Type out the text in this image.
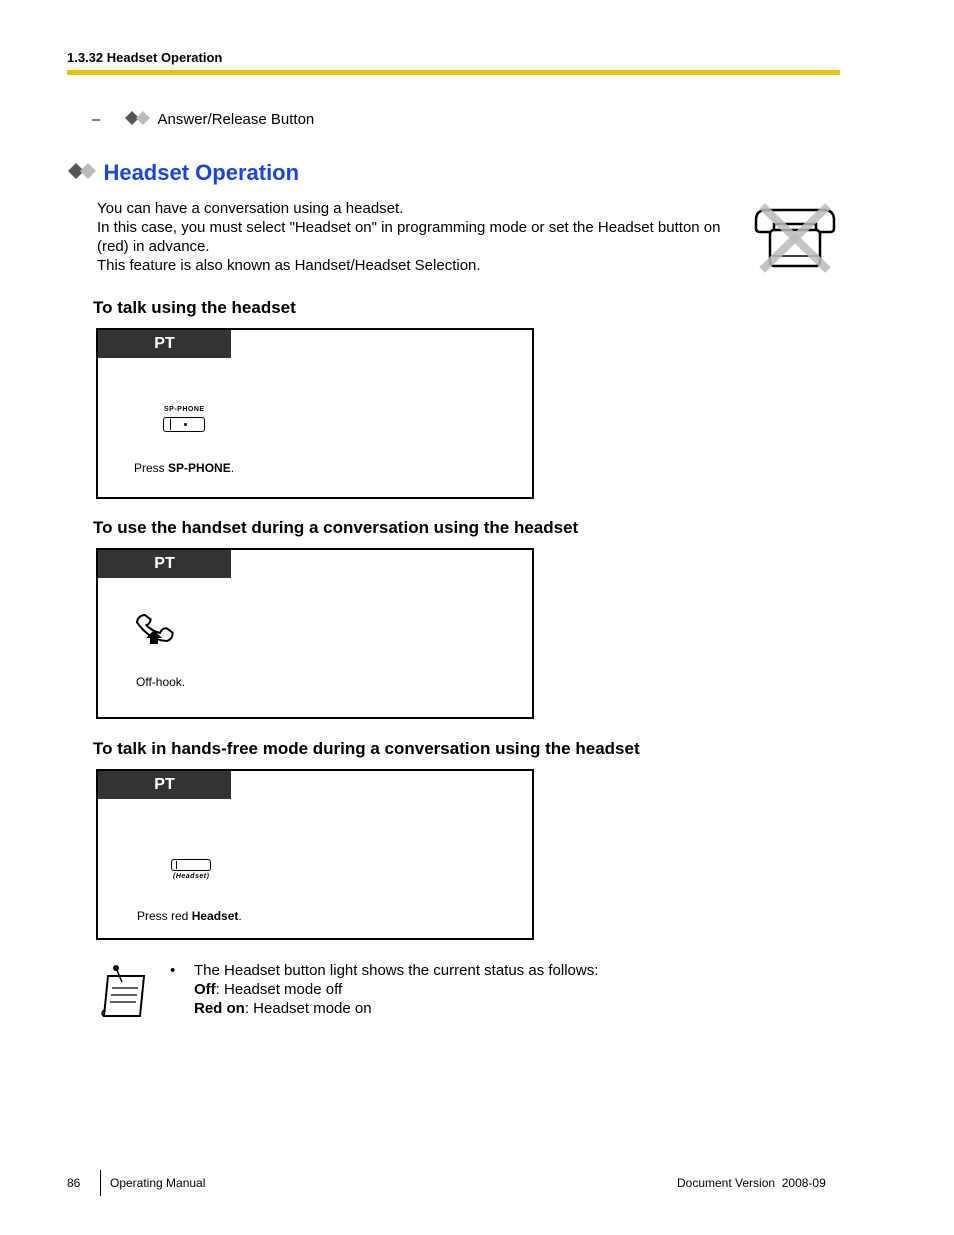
1.3.32 Headset Operation
–	Answer/Release Button
Headset Operation

You can have a conversation using a headset.

In this case, you must select "Headset on" in programming mode or set the Headset button on (red) in advance.

This feature is also known as Handset/Headset Selection.

To talk using the headset
PT
SP-PHONE
Press SP-PHONE.
To use the handset during a conversation using the headset
PT
Off-hook.
To talk in hands-free mode during a conversation using the headset
PT
(Headset)
Press red Headset.
• The Headset button light shows the current status as follows:
Off: Headset mode off
Red on: Headset mode on
86 Operating Manual	Document Version  2008-09
